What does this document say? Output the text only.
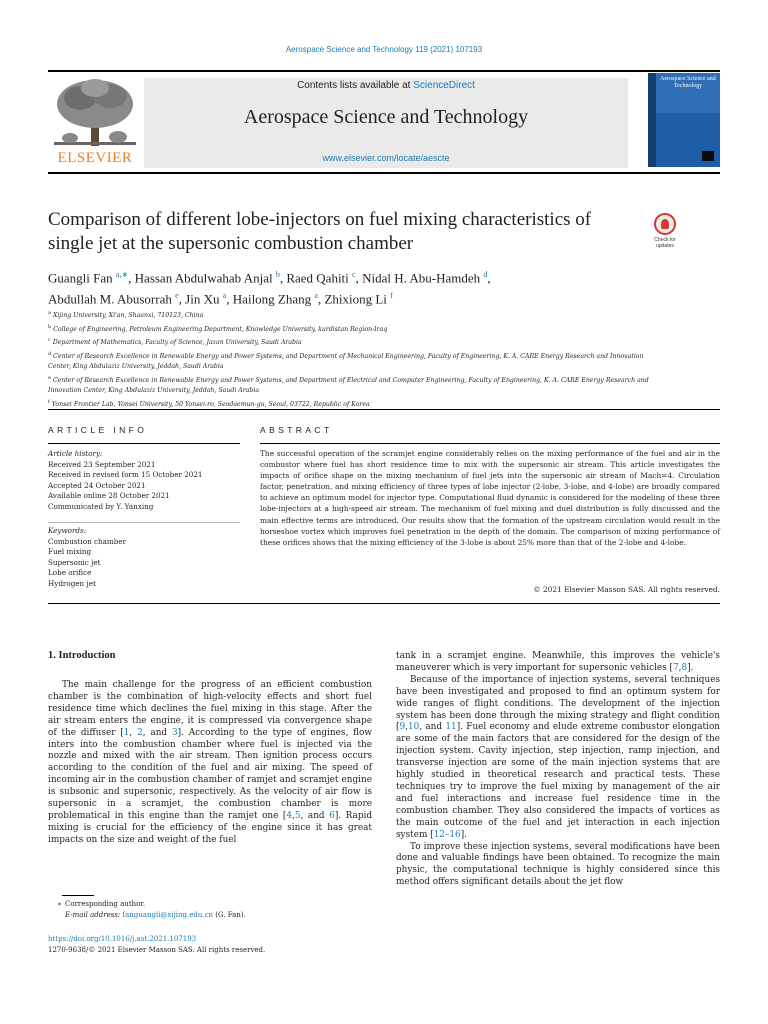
Aerospace Science and Technology 119 (2021) 107193
ELSEVIER
Contents lists available at ScienceDirect
Aerospace Science and Technology
www.elsevier.com/locate/aescte
Aerospace Science and Technology
Comparison of different lobe-injectors on fuel mixing characteristics of single jet at the supersonic combustion chamber	Check for updates
Guangli Fan $^{a,∗}$, Hassan Abdulwahab Anjal $^b$, Raed Qahiti $^c$, Nidal H. Abu-Hamdeh $^d$,
Abdullah M. Abusorrah $^e$, Jin Xu $^a$, Hailong Zhang $^a$, Zhixiong Li $^f$
$^a$ Xijing University, Xi'an, Shaanxi, 710123, China
$^b$ College of Engineering, Petroleum Engineering Department, Knowledge University, kurdistan Region-Iraq
$^c$ Department of Mathematics, Faculty of Science, Jazan University, Saudi Arabia
$^d$ Center of Research Excellence in Renewable Energy and Power Systems, and Department of Mechanical Engineering, Faculty of Engineering, K. A. CARE Energy Research and Innovation Center, King Abdulaziz University, Jeddah, Saudi Arabia
$^e$ Center of Research Excellence in Renewable Energy and Power Systems, and Department of Electrical and Computer Engineering, Faculty of Engineering, K. A. CARE Energy Research and Innovation Center, King Abdulaziz University, Jeddah, Saudi Arabia
$^f$ Yonsei Frontier Lab, Yonsei University, 50 Yonsei-ro, Seodaemun-gu, Seoul, 03722, Republic of Korea
ARTICLE INFO
Article history:
Received 23 September 2021
Received in revised form 15 October 2021
Accepted 24 October 2021
Available online 28 October 2021
Communicated by Y. Yanxing
Keywords:
Combustion chamber
Fuel mixing
Supersonic jet
Lobe orifice
Hydrogen jet
ABSTRACT
The successful operation of the scramjet engine considerably relies on the mixing performance of the fuel and air in the combustor where fuel has short residence time to mix with the supersonic air stream. This article investigates the impacts of orifice shape on the mixing mechanism of fuel jets into the supersonic air stream of Mach=4. Circulation factor, penetration, and mixing efficiency of three types of lobe injector (2-lobe, 3-lobe, and 4-lobe) are broadly compared to achieve an optimum model for injector type. Computational fluid dynamic is considered for the modeling of these three lobe-injectors at a high-speed air stream. The mechanism of fuel mixing and duel distribution is fully discussed and the main effective terms are introduced. Our results show that the formation of the upstream circulation would result in the horseshoe vortex which improves fuel penetration in the depth of the domain. The comparison of mixing performance of these orifices shows that the mixing efficiency of the 3-lobe is about 25% more than that of the 2-lobe and 4-lobe.
© 2021 Elsevier Masson SAS. All rights reserved.
1. Introduction

The main challenge for the progress of an efficient combustion chamber is the combination of high-velocity effects and short fuel residence time which declines the fuel mixing in this stage. After the air stream enters the engine, it is compressed via convergence shape of the diffuser [1, 2, and 3]. According to the type of engines, flow inters into the combustion chamber where fuel is injected via the nozzle and mixed with the air stream. Then ignition process occurs according to the condition of the fuel and air mixing. The speed of incoming air in the combustion chamber of ramjet and scramjet engine is subsonic and supersonic, respectively. As the velocity of air flow is supersonic in a scramjet, the combustion chamber is more problematical in this engine than the ramjet one [4,5, and 6]. Rapid mixing is crucial for the efficiency of the engine since it has great impacts on the size and weight of the fuel

tank in a scramjet engine. Meanwhile, this improves the vehicle's maneuverer which is very important for supersonic vehicles [7,8].

Because of the importance of injection systems, several techniques have been investigated and proposed to find an optimum system for wide ranges of flight conditions. The development of the injection system has been done through the mixing strategy and flight condition [9,10, and 11]. Fuel economy and elude extreme combustor elongation are some of the main factors that are considered for the design of the injection system. Cavity injection, step injection, ramp injection, and transverse injection are some of the main injection systems that are highly studied in theoretical research and practical tests. These techniques try to improve the fuel mixing by management of the air and fuel interactions and increase fuel residence time in the combustion chamber. They also considered the impacts of vortices as the main outcome of the fuel and jet interaction in each injection system [12–16].

To improve these injection systems, several modifications have been done and valuable findings have been obtained. To recognize the main physic, the computational technique is highly considered since this method offers significant details about the jet flow

∗ Corresponding author.
E-mail address: fanguangli@xijing.edu.cn (G. Fan).
https://doi.org/10.1016/j.ast.2021.107193
1270-9638/© 2021 Elsevier Masson SAS. All rights reserved.
